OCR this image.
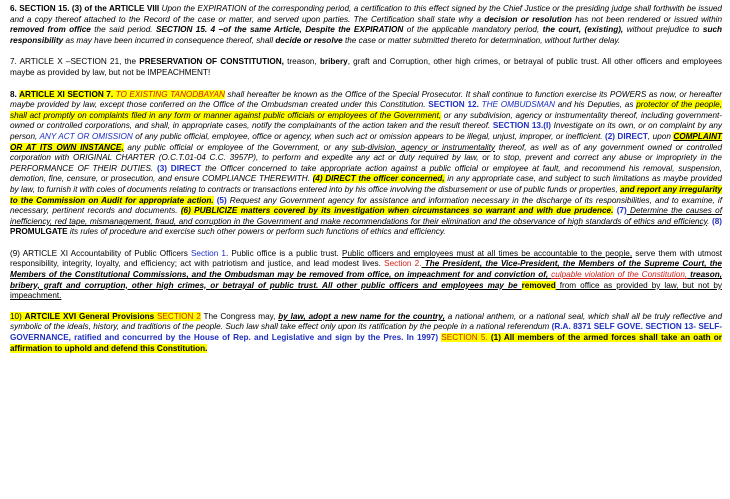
6. SECTION 15. (3) of the ARTICLE VIII Upon the EXPIRATION of the corresponding period, a certification to this effect signed by the Chief Justice or the presiding judge shall forthwith be issued and a copy thereof attached to the Record of the case or matter, and served upon parties. The Certification shall state why a decision or resolution has not been rendered or issued within removed from office the said period. SECTION 15. 4 –of the same Article, Despite the EXPIRATION of the applicable mandatory period, the court, (existing), without prejudice to such responsibility as may have been incurred in consequence thereof, shall decide or resolve the case or matter submitted thereto for determination, without further delay.

7. ARTICLE X –SECTION 21, the PRESERVATION OF CONSTITUTION, treason, bribery, graft and Corruption, other high crimes, or betrayal of public trust. All other officers and employees maybe as provided by law, but not be IMPEACHMENT!

8. ARTICLE XI SECTION 7. TO EXISTING TANODBAYAN shall hereafter be known as the Office of the Special Prosecutor. It shall continue to function exercise its POWERS as now, or hereafter maybe provided by law, except those conferred on the Office of the Ombudsman created under this Constitution. SECTION 12. THE OMBUDSMAN and his Deputies, as protector of the people, shall act promptly on complaints filed in any form or manner against public officials or employees of the Government, or any subdivision, agency or instrumentality thereof, including government-owned or controlled corporations, and shall, in appropriate cases, notify the complainants of the action taken and the result thereof. SECTION 13.(I) Investigate on its own, or on complaint by any person, ANY ACT OR OMISSION of any public official, employee, office or agency, when such act or omission appears to be illegal, unjust, improper, or inefficient. (2) DIRECT, upon COMPLAINT OR AT ITS OWN INSTANCE, any public official or employee of the Government, or any sub-division, agency or instrumentality thereof, as well as of any government owned or controlled corporation with ORIGINAL CHARTER (O.C.T.01-04 C.C. 3957P), to perform and expedite any act or duty required by law, or to stop, prevent and correct any abuse or impropriety in the PERFORMANCE OF THEIR DUTIES. (3) DIRECT the Officer concerned to take appropriate action against a public official or employee at fault, and recommend his removal, suspension, demotion, fine, censure, or prosecution, and ensure COMPLIANCE THEREWITH. (4) DIRECT the officer concerned, in any appropriate case, and subject to such limitations as maybe provided by law, to furnish it with coies of documents relating to contracts or transactions entered into by his office involving the disbursement or use of public funds or properties, and report any irregularity to the Commission on Audit for appropriate action. (5) Request any Government agency for assistance and information necessary in the discharge of its responsibilities, and to examine, if necessary, pertinent records and documents. (6) PUBLICIZE matters covered by its investigation when circumstances so warrant and with due prudence. (7) Determine the causes of inefficiency, red tape, mismanagement, fraud, and corruption in the Government and make recommendations for their elimination and the observance of high standards of ethics and efficiency. (8) PROMULGATE its rules of procedure and exercise such other powers or perform such functions of ethics and efficiency.

(9) ARTICLE XI Accountability of Public Officers Section 1. Public office is a public trust. Public officers and employees must at all times be accountable to the people, serve them with utmost responsibility, integrity, loyalty, and efficiency; act with patriotism and justice, and lead modest lives. Section 2. The President, the Vice-President, the Members of the Supreme Court, the Members of the Constitutional Commissions, and the Ombudsman may be removed from office, on impeachment for and conviction of, culpable violation of the Constitution, treason, bribery, graft and corruption, other high crimes, or betrayal of public trust. All other public officers and employees may be removed from office as provided by law, but not by impeachment.

10) ARTCILE XVI General Provisions SECTION 2 The Congress may, by law, adopt a new name for the country, a national anthem, or a national seal, which shall all be truly reflective and symbolic of the ideals, history, and traditions of the people. Such law shall take effect only upon its ratification by the people in a national referendum (R.A. 8371 SELF GOVE. SECTION 13- SELF-GOVERNANCE, ratified and concurred by the House of Rep. and Legislative and sign by the Pres. In 1997) SECTION 5. (1) All members of the armed forces shall take an oath or affirmation to uphold and defend this Constitution.
